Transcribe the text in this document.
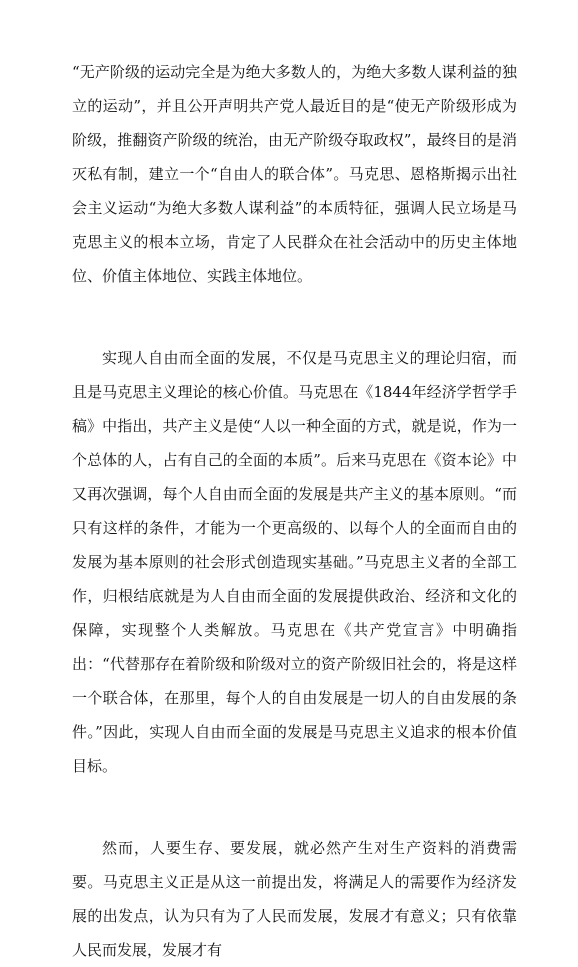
“无产阶级的运动完全是为绝大多数人的，为绝大多数人谋利益的独立的运动”，并且公开声明共产党人最近目的是“使无产阶级形成为阶级，推翻资产阶级的统治，由无产阶级夺取政权”，最终目的是消灭私有制，建立一个“自由人的联合体”。马克思、恩格斯揭示出社会主义运动“为绝大多数人谋利益”的本质特征，强调人民立场是马克思主义的根本立场，肯定了人民群众在社会活动中的历史主体地位、价值主体地位、实践主体地位。

实现人自由而全面的发展，不仅是马克思主义的理论归宿，而且是马克思主义理论的核心价值。马克思在《1844年经济学哲学手稿》中指出，共产主义是使“人以一种全面的方式，就是说，作为一个总体的人，占有自己的全面的本质”。后来马克思在《资本论》中又再次强调，每个人自由而全面的发展是共产主义的基本原则。“而只有这样的条件，才能为一个更高级的、以每个人的全面而自由的发展为基本原则的社会形式创造现实基础。”马克思主义者的全部工作，归根结底就是为人自由而全面的发展提供政治、经济和文化的保障，实现整个人类解放。马克思在《共产党宣言》中明确指出：“代替那存在着阶级和阶级对立的资产阶级旧社会的，将是这样一个联合体，在那里，每个人的自由发展是一切人的自由发展的条件。”因此，实现人自由而全面的发展是马克思主义追求的根本价值目标。

然而，人要生存、要发展，就必然产生对生产资料的消费需要。马克思主义正是从这一前提出发，将满足人的需要作为经济发展的出发点，认为只有为了人民而发展，发展才有意义；只有依靠人民而发展，发展才有
